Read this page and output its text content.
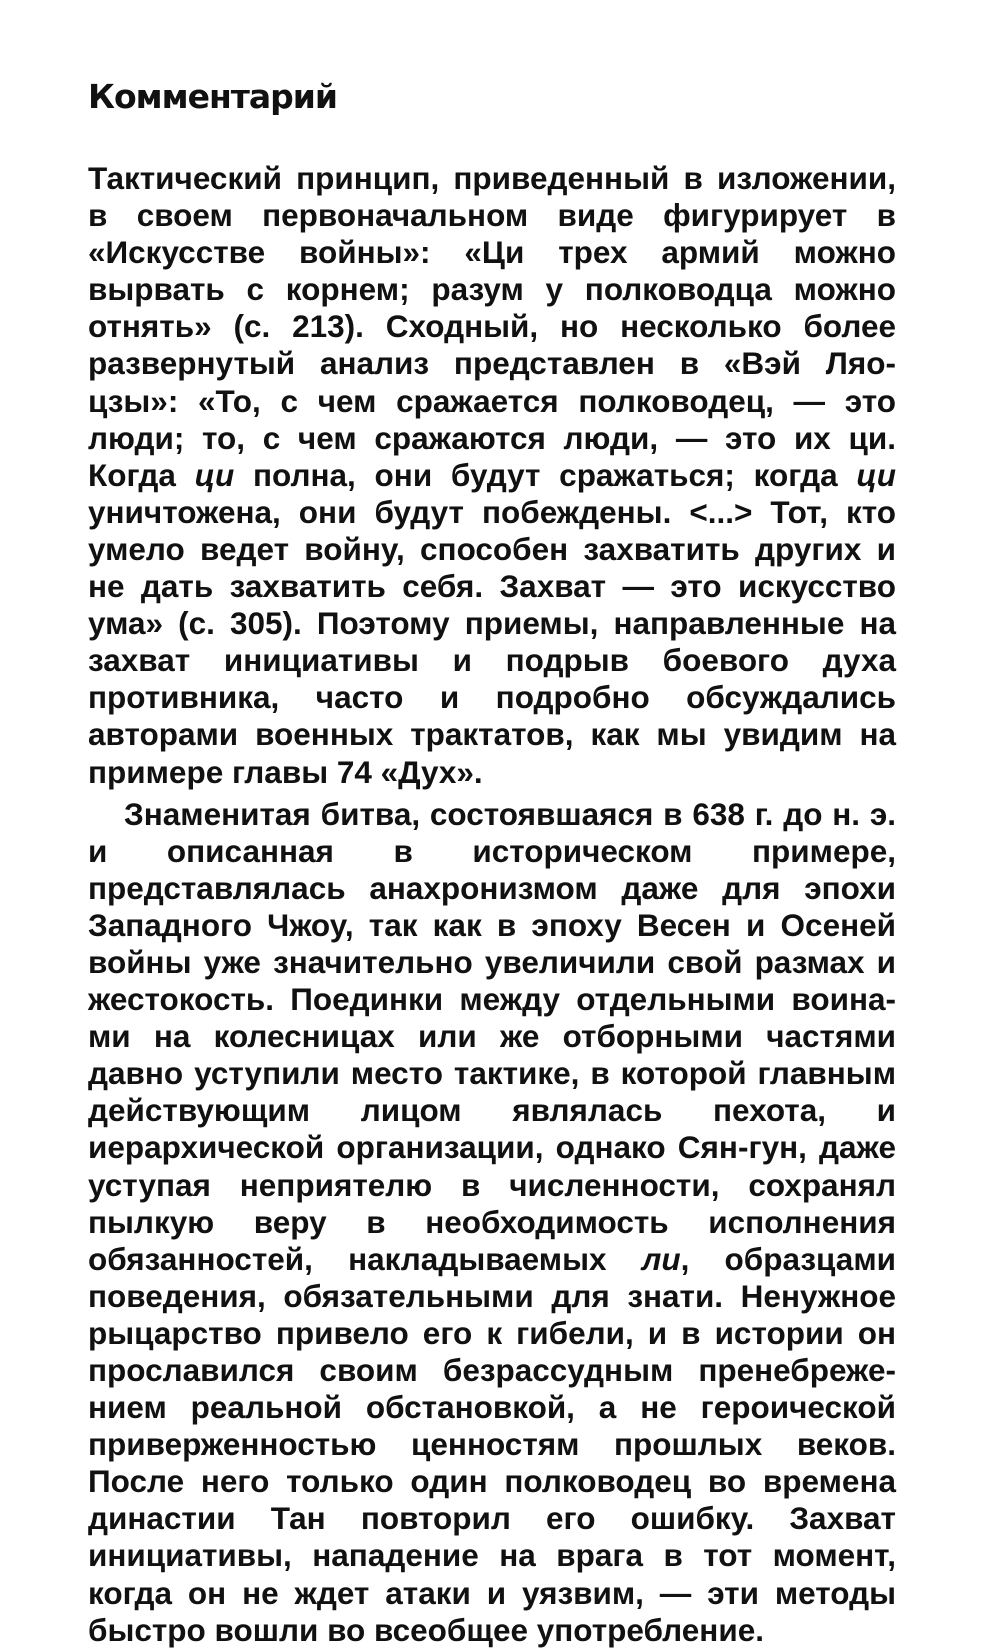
Комментарий

Тактический принцип, приведенный в изложении, в своем первоначальном виде фигурирует в «Искусстве войны»: «Ци трех армий можно вырвать с корнем; разум у полководца можно отнять» (с. 213). Сходный, но несколько более развернутый анализ представлен в «Вэй Ляо-цзы»: «То, с чем сражается полководец, — это люди; то, с чем сражаются люди, — это их ци. Когда ци полна, они будут сражаться; когда ци уничтожена, они будут побеждены. <...> Тот, кто умело ведет войну, способен захватить других и не дать захватить себя. Захват — это искусство ума» (с. 305). Поэтому приемы, направленные на захват инициативы и подрыв боевого духа противника, часто и подробно обсуждались авторами военных трактатов, как мы увидим на примере главы 74 «Дух».

Знаменитая битва, состоявшаяся в 638 г. до н. э. и описанная в историческом примере, представлялась анахронизмом даже для эпохи Западного Чжоу, так как в эпоху Весен и Осеней войны уже значительно увеличили свой размах и жестокость. Поединки между отдельными воинами на колесницах или же отборными частями давно уступили место тактике, в которой главным действующим лицом являлась пехота, и иерархической организации, однако Сян-гун, даже уступая неприятелю в численности, сохранял пылкую веру в необходимость исполнения обязанностей, накладываемых ли, образцами поведения, обязательными для знати. Ненужное рыцарство привело его к гибели, и в истории он прославился своим безрассудным пренебрежением реальной обстановкой, а не героической приверженностью ценностям прошлых веков. После него только один полководец во времена династии Тан повторил его ошибку. Захват инициативы, нападение на врага в тот момент, когда он не ждет атаки и уязвим, — эти методы быстро вошли во всеобщее употребление.
